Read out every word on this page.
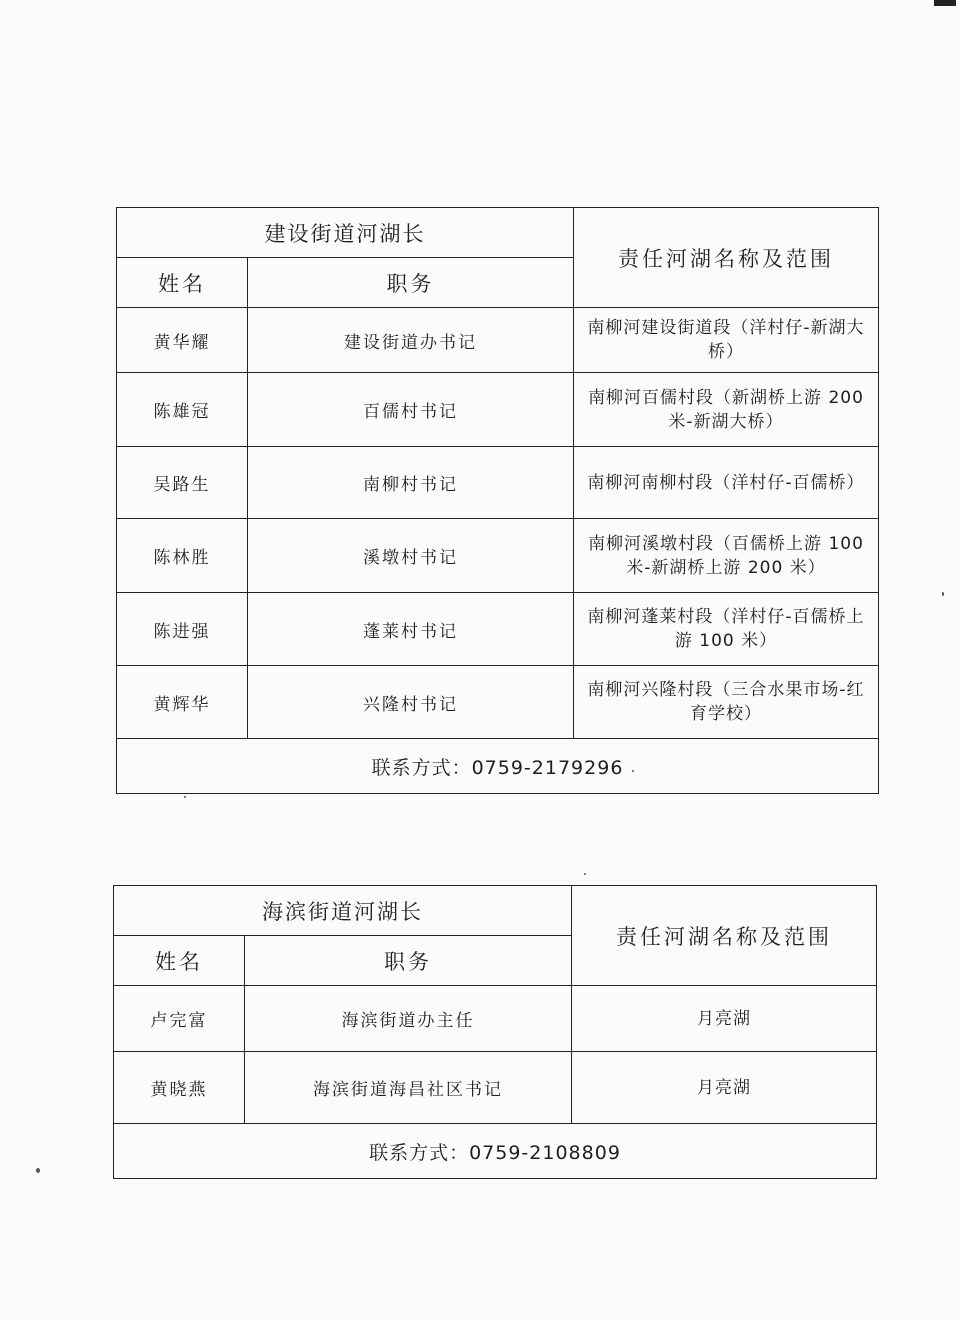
建设街道河湖长		责任河湖名称及范围
姓名	职务	
黄华耀	建设街道办书记	南柳河建设街道段（洋村仔-新湖大桥）
陈雄冠	百儒村书记	南柳河百儒村段（新湖桥上游 200 米-新湖大桥）
吴路生	南柳村书记	南柳河南柳村段（洋村仔-百儒桥）
陈林胜	溪墩村书记	南柳河溪墩村段（百儒桥上游 100 米-新湖桥上游 200 米）
陈进强	蓬莱村书记	南柳河蓬莱村段（洋村仔-百儒桥上游 100 米）
黄辉华	兴隆村书记	南柳河兴隆村段（三合水果市场-红育学校）
联系方式：0759-2179296		
海滨街道河湖长		责任河湖名称及范围
姓名	职务	
卢完富	海滨街道办主任	月亮湖
黄晓燕	海滨街道海昌社区书记	月亮湖
联系方式：0759-2108809		
